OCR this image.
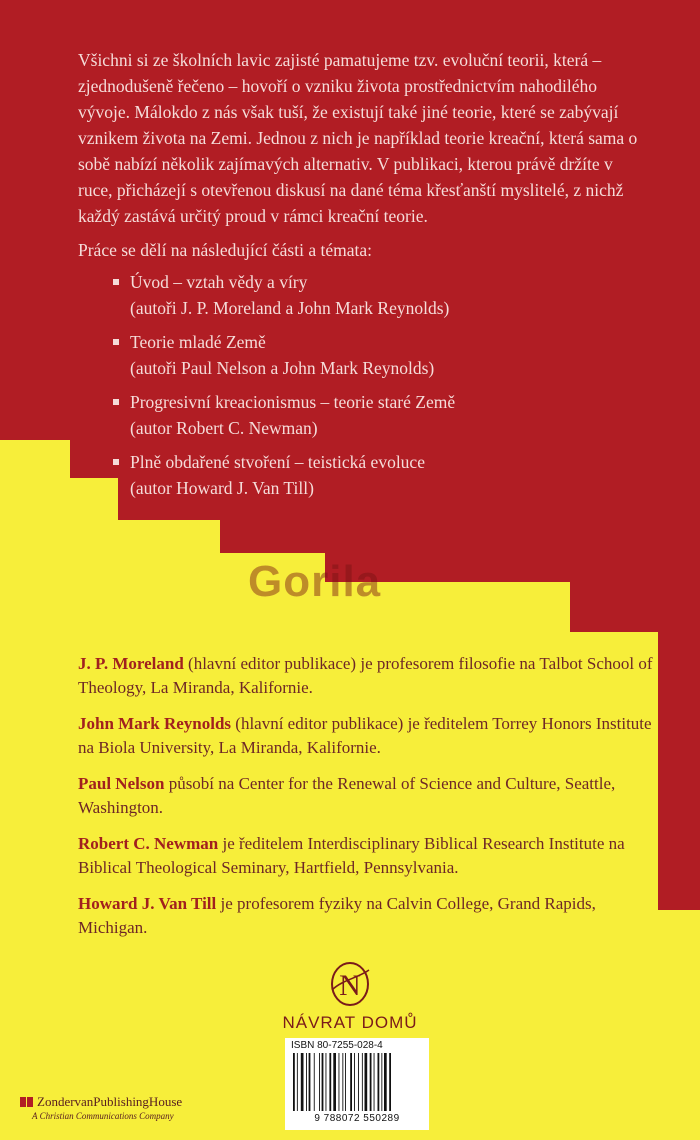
Všichni si ze školních lavic zajisté pamatujeme tzv. evoluční teorii, která – zjednodušeně řečeno – hovoří o vzniku života prostřednictvím nahodilého vývoje. Málokdo z nás však tuší, že existují také jiné teorie, které se zabývají vznikem života na Zemi. Jednou z nich je například teorie kreační, která sama o sobě nabízí několik zajímavých alternativ. V publikaci, kterou právě držíte v ruce, přicházejí s otevřenou diskusí na dané téma křesťanští myslitelé, z nichž každý zastává určitý proud v rámci kreační teorie.

Práce se dělí na následující části a témata:

Úvod – vztah vědy a víry
(autoři J. P. Moreland a John Mark Reynolds)
Teorie mladé Země
(autoři Paul Nelson a John Mark Reynolds)
Progresivní kreacionismus – teorie staré Země
(autor Robert C. Newman)
Plně obdařené stvoření – teistická evoluce
(autor Howard J. Van Till)
Gorila

J. P. Moreland (hlavní editor publikace) je profesorem filosofie na Talbot School of Theology, La Miranda, Kalifornie.

John Mark Reynolds (hlavní editor publikace) je ředitelem Torrey Honors Institute na Biola University, La Miranda, Kalifornie.

Paul Nelson působí na Center for the Renewal of Science and Culture, Seattle, Washington.

Robert C. Newman je ředitelem Interdisciplinary Biblical Research Institute na Biblical Theological Seminary, Hartfield, Pennsylvania.

Howard J. Van Till je profesorem fyziky na Calvin College, Grand Rapids, Michigan.

N
NÁVRAT DOMŮ
ISBN 80-7255-028-4
9 788072 550289
ZondervanPublishingHouse
A Christian Communications Company
